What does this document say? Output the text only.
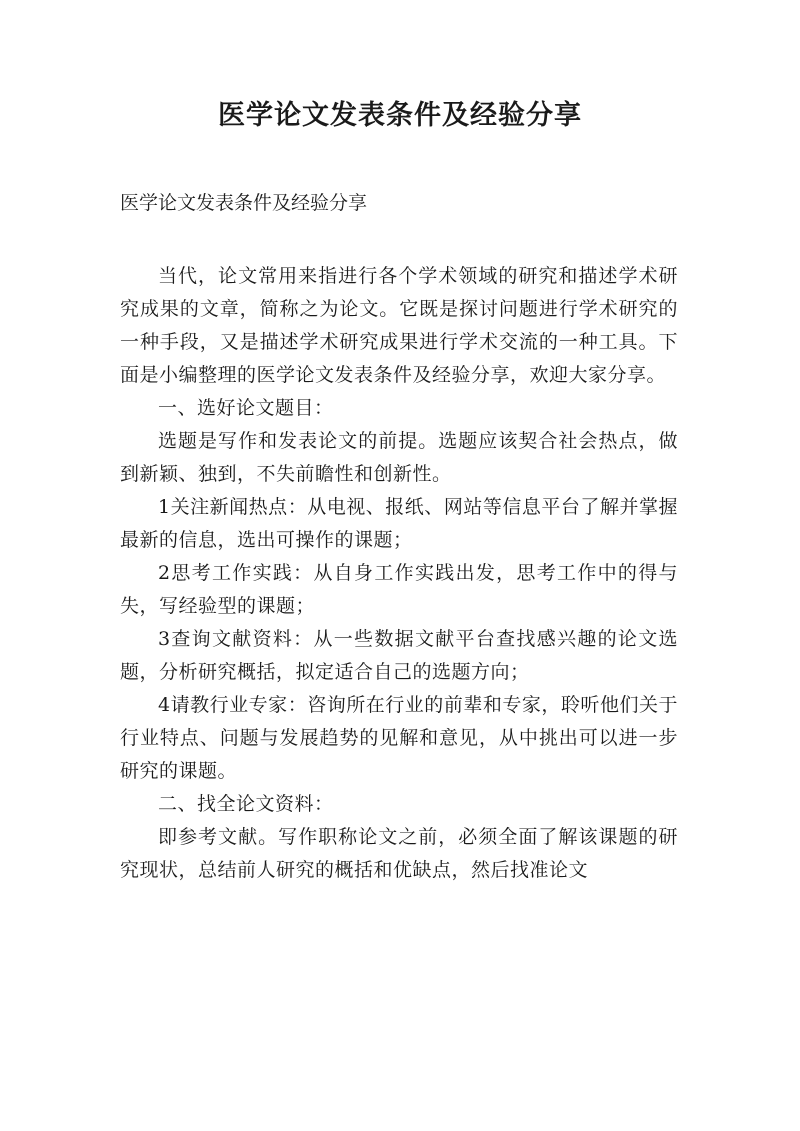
医学论文发表条件及经验分享

医学论文发表条件及经验分享

当代，论文常用来指进行各个学术领域的研究和描述学术研究成果的文章，简称之为论文。它既是探讨问题进行学术研究的一种手段，又是描述学术研究成果进行学术交流的一种工具。下面是小编整理的医学论文发表条件及经验分享，欢迎大家分享。

一、选好论文题目：

选题是写作和发表论文的前提。选题应该契合社会热点，做到新颖、独到，不失前瞻性和创新性。

1关注新闻热点：从电视、报纸、网站等信息平台了解并掌握最新的信息，选出可操作的课题；

2思考工作实践：从自身工作实践出发，思考工作中的得与失，写经验型的课题；

3查询文献资料：从一些数据文献平台查找感兴趣的论文选题，分析研究概括，拟定适合自己的选题方向；

4请教行业专家：咨询所在行业的前辈和专家，聆听他们关于行业特点、问题与发展趋势的见解和意见，从中挑出可以进一步研究的课题。

二、找全论文资料：

即参考文献。写作职称论文之前，必须全面了解该课题的研究现状，总结前人研究的概括和优缺点，然后找准论文
